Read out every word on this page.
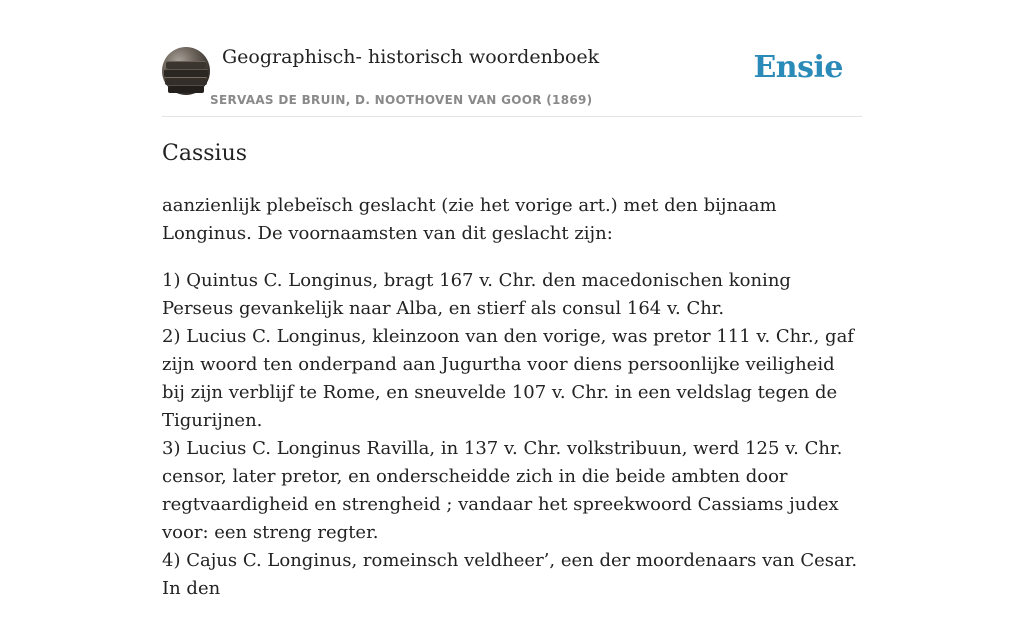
Geographisch- historisch woordenboek
SERVAAS DE BRUIN, D. NOOTHOVEN VAN GOOR (1869)
Ensie
Cassius

aanzienlijk plebeïsch geslacht (zie het vorige art.) met den bijnaam Longinus. De voornaamsten van dit geslacht zijn:

1) Quintus C. Longinus, bragt 167 v. Chr. den macedonischen koning Perseus gevankelijk naar Alba, en stierf als consul 164 v. Chr.
2) Lucius C. Longinus, kleinzoon van den vorige, was pretor 111 v. Chr., gaf zijn woord ten onderpand aan Jugurtha voor diens persoonlijke veiligheid bij zijn verblijf te Rome, en sneuvelde 107 v. Chr. in een veldslag tegen de Tigurijnen.
3) Lucius C. Longinus Ravilla, in 137 v. Chr. volkstribuun, werd 125 v. Chr. censor, later pretor, en onderscheidde zich in die beide ambten door regtvaardigheid en strengheid ; vandaar het spreekwoord Cassiams judex voor: een streng regter.
4) Cajus C. Longinus, romeinsch veldheer’, een der moordenaars van Cesar. In den
